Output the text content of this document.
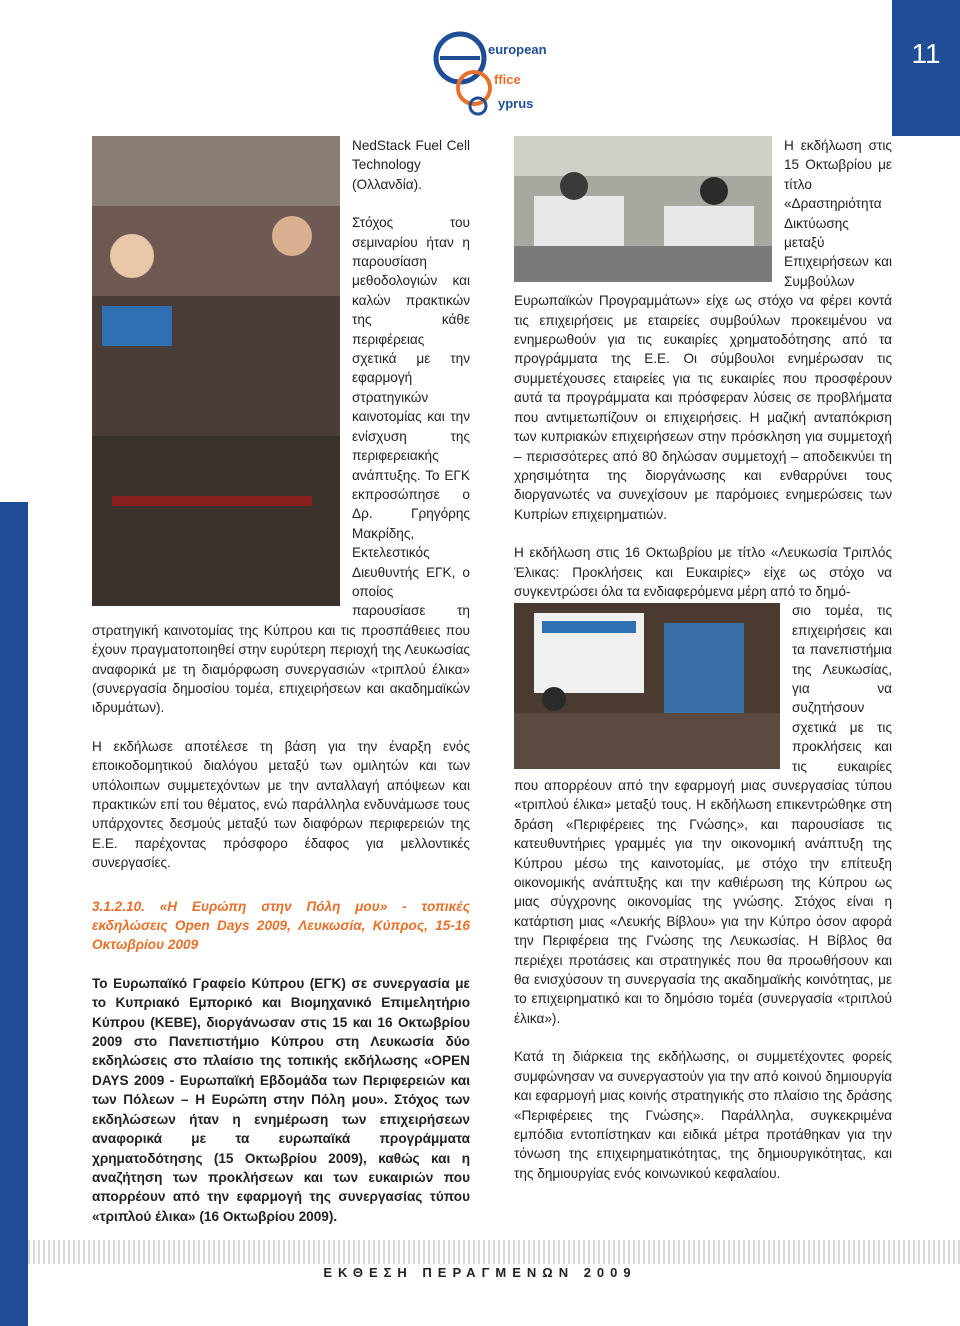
11
european
ffice
yprus

NedStack Fuel Cell Technology (Ολλανδία).

Στόχος του σεμιναρίου ήταν η παρουσίαση μεθοδολογιών και καλών πρακτικών της κάθε περιφέρειας σχετικά με την εφαρμογή στρατηγικών καινοτομίας και την ενίσχυση της περιφερειακής ανάπτυξης. Το ΕΓΚ εκπροσώπησε ο Δρ. Γρηγόρης Μακρίδης, Εκτελεστικός Διευθυντής ΕΓΚ, ο οποίος παρουσίασε τη στρατηγική καινοτομίας της Κύπρου και τις προσπάθειες που έχουν πραγματοποιηθεί στην ευρύτερη περιοχή της Λευκωσίας αναφορικά με τη διαμόρφωση συνεργασιών «τριπλού έλικα» (συνεργασία δημοσίου τομέα, επιχειρήσεων και ακαδημαϊκών ιδρυμάτων).

Η εκδήλωσε αποτέλεσε τη βάση για την έναρξη ενός εποικοδομητικού διαλόγου μεταξύ των ομιλητών και των υπόλοιπων συμμετεχόντων με την ανταλλαγή απόψεων και πρακτικών επί του θέματος, ενώ παράλληλα ενδυνάμωσε τους υπάρχοντες δεσμούς μεταξύ των διαφόρων περιφερειών της Ε.Ε. παρέχοντας πρόσφορο έδαφος για μελλοντικές συνεργασίες.

3.1.2.10. «Η Ευρώπη στην Πόλη μου» - τοπικές εκδηλώσεις Open Days 2009, Λευκωσία, Κύπρος, 15-16 Οκτωβρίου 2009

Το Ευρωπαϊκό Γραφείο Κύπρου (ΕΓΚ) σε συνεργασία με το Κυπριακό Εμπορικό και Βιομηχανικό Επιμελητήριο Κύπρου (ΚΕΒΕ), διοργάνωσαν στις 15 και 16 Οκτωβρίου 2009 στο Πανεπιστήμιο Κύπρου στη Λευκωσία δύο εκδηλώσεις στο πλαίσιο της τοπικής εκδήλωσης «OPEN DAYS 2009 - Ευρωπαϊκή Εβδομάδα των Περιφερειών και των Πόλεων – Η Ευρώπη στην Πόλη μου». Στόχος των εκδηλώσεων ήταν η ενημέρωση των επιχειρήσεων αναφορικά με τα ευρωπαϊκά προγράμματα χρηματοδότησης (15 Οκτωβρίου 2009), καθώς και η αναζήτηση των προκλήσεων και των ευκαιριών που απορρέουν από την εφαρμογή της συνεργασίας τύπου «τριπλού έλικα» (16 Οκτωβρίου 2009).

Η εκδήλωση στις 15 Οκτωβρίου με τίτλο «Δραστηριότητα Δικτύωσης μεταξύ Επιχειρήσεων και Συμβούλων Ευρωπαϊκών Προγραμμάτων» είχε ως στόχο να φέρει κοντά τις επιχειρήσεις με εταιρείες συμβούλων προκειμένου να ενημερωθούν για τις ευκαιρίες χρηματοδότησης από τα προγράμματα της Ε.Ε. Οι σύμβουλοι ενημέρωσαν τις συμμετέχουσες εταιρείες για τις ευκαιρίες που προσφέρουν αυτά τα προγράμματα και πρόσφεραν λύσεις σε προβλήματα που αντιμετωπίζουν οι επιχειρήσεις. Η μαζική ανταπόκριση των κυπριακών επιχειρήσεων στην πρόσκληση για συμμετοχή – περισσότερες από 80 δηλώσαν συμμετοχή – αποδεικνύει τη χρησιμότητα της διοργάνωσης και ενθαρρύνει τους διοργανωτές να συνεχίσουν με παρόμοιες ενημερώσεις των Κυπρίων επιχειρηματιών.

Η εκδήλωση στις 16 Οκτωβρίου με τίτλο «Λευκωσία Τριπλός Έλικας: Προκλήσεις και Ευκαιρίες» είχε ως στόχο να συγκεντρώσει όλα τα ενδιαφερόμενα μέρη από το δημό-

σιο τομέα, τις επιχειρήσεις και τα πανεπιστήμια της Λευκωσίας, για να συζητήσουν σχετικά με τις προκλήσεις και τις ευκαιρίες που απορρέουν από την εφαρμογή μιας συνεργασίας τύπου «τριπλού έλικα» μεταξύ τους. Η εκδήλωση επικεντρώθηκε στη δράση «Περιφέρειες της Γνώσης», και παρουσίασε τις κατευθυντήριες γραμμές για την οικονομική ανάπτυξη της Κύπρου μέσω της καινοτομίας, με στόχο την επίτευξη οικονομικής ανάπτυξης και την καθιέρωση της Κύπρου ως μιας σύγχρονης οικονομίας της γνώσης. Στόχος είναι η κατάρτιση μιας «Λευκής Βίβλου» για την Κύπρο όσον αφορά την Περιφέρεια της Γνώσης της Λευκωσίας. Η Βίβλος θα περιέχει προτάσεις και στρατηγικές που θα προωθήσουν και θα ενισχύσουν τη συνεργασία της ακαδημαϊκής κοινότητας, με το επιχειρηματικό και το δημόσιο τομέα (συνεργασία «τριπλού έλικα»).

Κατά τη διάρκεια της εκδήλωσης, οι συμμετέχοντες φορείς συμφώνησαν να συνεργαστούν για την από κοινού δημιουργία και εφαρμογή μιας κοινής στρατηγικής στο πλαίσιο της δράσης «Περιφέρειες της Γνώσης». Παράλληλα, συγκεκριμένα εμπόδια εντοπίστηκαν και ειδικά μέτρα προτάθηκαν για την τόνωση της επιχειρηματικότητας, της δημιουργικότητας, και της δημιουργίας ενός κοινωνικού κεφαλαίου.

ΕΚΘΕΣΗ ΠΕΡΑΓΜΕΝΩΝ 2009
